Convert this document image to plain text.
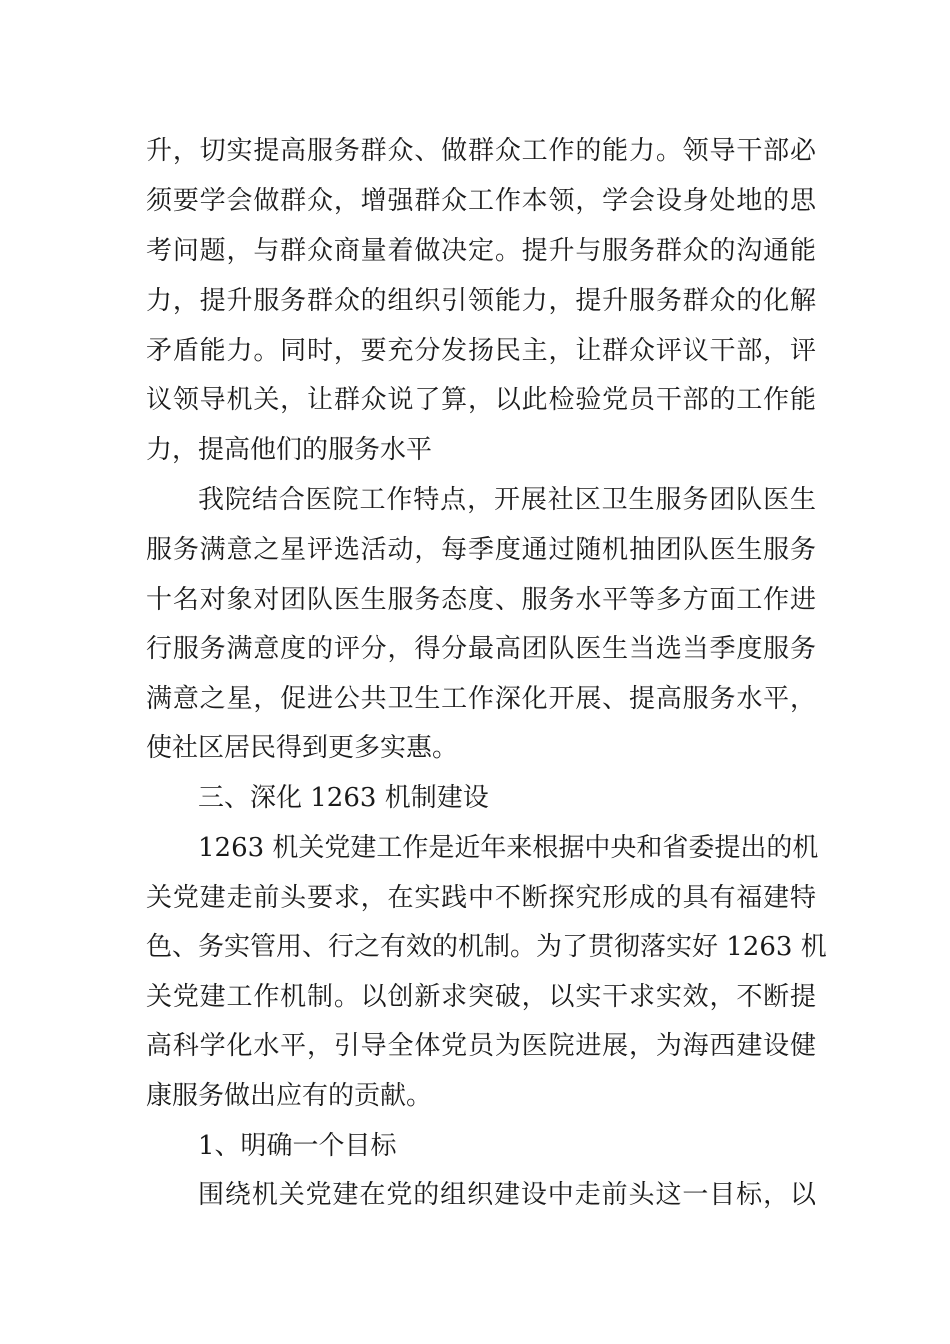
升，切实提高服务群众、做群众工作的能力。领导干部必
须要学会做群众，增强群众工作本领，学会设身处地的思
考问题，与群众商量着做决定。提升与服务群众的沟通能
力，提升服务群众的组织引领能力，提升服务群众的化解
矛盾能力。同时，要充分发扬民主，让群众评议干部，评
议领导机关，让群众说了算，以此检验党员干部的工作能
力，提高他们的服务水平
我院结合医院工作特点，开展社区卫生服务团队医生
服务满意之星评选活动，每季度通过随机抽团队医生服务
十名对象对团队医生服务态度、服务水平等多方面工作进
行服务满意度的评分，得分最高团队医生当选当季度服务
满意之星，促进公共卫生工作深化开展、提高服务水平，
使社区居民得到更多实惠。
三、深化 1263 机制建设
1263 机关党建工作是近年来根据中央和省委提出的机
关党建走前头要求，在实践中不断探究形成的具有福建特
色、务实管用、行之有效的机制。为了贯彻落实好 1263 机
关党建工作机制。以创新求突破，以实干求实效，不断提
高科学化水平，引导全体党员为医院进展，为海西建设健
康服务做出应有的贡献。
1、明确一个目标
围绕机关党建在党的组织建设中走前头这一目标，以
